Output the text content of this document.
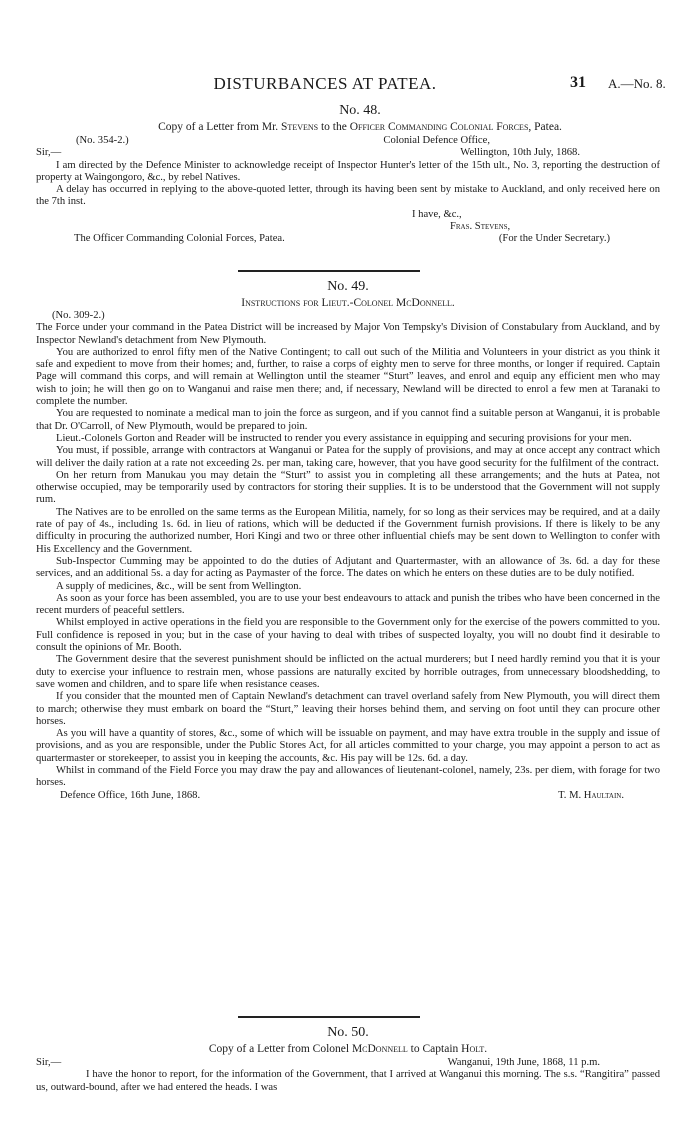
DISTURBANCES AT PATEA.	31 A.—No. 8.

No. 48.

Copy of a Letter from Mr. Stevens to the Officer Commanding Colonial Forces, Patea.

(No. 354-2.)	Colonial Defence Office,
Sir,—	Wellington, 10th July, 1868.

I am directed by the Defence Minister to acknowledge receipt of Inspector Hunter's letter of the 15th ult., No. 3, reporting the destruction of property at Waingongoro, &c., by rebel Natives.

A delay has occurred in replying to the above-quoted letter, through its having been sent by mistake to Auckland, and only received here on the 7th inst.

I have, &c.,

Fras. Stevens,

The Officer Commanding Colonial Forces, Patea.	(For the Under Secretary.)

No. 49.

Instructions for Lieut.-Colonel McDonnell.

(No. 309-2.)

The Force under your command in the Patea District will be increased by Major Von Tempsky's Division of Constabulary from Auckland, and by Inspector Newland's detachment from New Plymouth.

You are authorized to enrol fifty men of the Native Contingent; to call out such of the Militia and Volunteers in your district as you think it safe and expedient to move from their homes; and, further, to raise a corps of eighty men to serve for three months, or longer if required. Captain Page will command this corps, and will remain at Wellington until the steamer “Sturt” leaves, and enrol and equip any efficient men who may wish to join; he will then go on to Wanganui and raise men there; and, if necessary, Newland will be directed to enrol a few men at Taranaki to complete the number.

You are requested to nominate a medical man to join the force as surgeon, and if you cannot find a suitable person at Wanganui, it is probable that Dr. O'Carroll, of New Plymouth, would be prepared to join.

Lieut.-Colonels Gorton and Reader will be instructed to render you every assistance in equipping and securing provisions for your men.

You must, if possible, arrange with contractors at Wanganui or Patea for the supply of provisions, and may at once accept any contract which will deliver the daily ration at a rate not exceeding 2s. per man, taking care, however, that you have good security for the fulfilment of the contract.

On her return from Manukau you may detain the “Sturt” to assist you in completing all these arrangements; and the huts at Patea, not otherwise occupied, may be temporarily used by contractors for storing their supplies. It is to be understood that the Government will not supply rum.

The Natives are to be enrolled on the same terms as the European Militia, namely, for so long as their services may be required, and at a daily rate of pay of 4s., including 1s. 6d. in lieu of rations, which will be deducted if the Government furnish provisions. If there is likely to be any difficulty in procuring the authorized number, Hori Kingi and two or three other influential chiefs may be sent down to Wellington to confer with His Excellency and the Government.

Sub-Inspector Cumming may be appointed to do the duties of Adjutant and Quartermaster, with an allowance of 3s. 6d. a day for these services, and an additional 5s. a day for acting as Paymaster of the force. The dates on which he enters on these duties are to be duly notified.

A supply of medicines, &c., will be sent from Wellington.

As soon as your force has been assembled, you are to use your best endeavours to attack and punish the tribes who have been concerned in the recent murders of peaceful settlers.

Whilst employed in active operations in the field you are responsible to the Government only for the exercise of the powers committed to you. Full confidence is reposed in you; but in the case of your having to deal with tribes of suspected loyalty, you will no doubt find it desirable to consult the opinions of Mr. Booth.

The Government desire that the severest punishment should be inflicted on the actual murderers; but I need hardly remind you that it is your duty to exercise your influence to restrain men, whose passions are naturally excited by horrible outrages, from unnecessary bloodshedding, to save women and children, and to spare life when resistance ceases.

If you consider that the mounted men of Captain Newland's detachment can travel overland safely from New Plymouth, you will direct them to march; otherwise they must embark on board the “Sturt,” leaving their horses behind them, and serving on foot until they can procure other horses.

As you will have a quantity of stores, &c., some of which will be issuable on payment, and may have extra trouble in the supply and issue of provisions, and as you are responsible, under the Public Stores Act, for all articles committed to your charge, you may appoint a person to act as quartermaster or storekeeper, to assist you in keeping the accounts, &c. His pay will be 12s. 6d. a day.

Whilst in command of the Field Force you may draw the pay and allowances of lieutenant-colonel, namely, 23s. per diem, with forage for two horses.

Defence Office, 16th June, 1868.	T. M. Haultain.

No. 50.

Copy of a Letter from Colonel McDonnell to Captain Holt.

Sir,—	Wanganui, 19th June, 1868, 11 p.m.

I have the honor to report, for the information of the Government, that I arrived at Wanganui this morning. The s.s. “Rangitira” passed us, outward-bound, after we had entered the heads. I was
